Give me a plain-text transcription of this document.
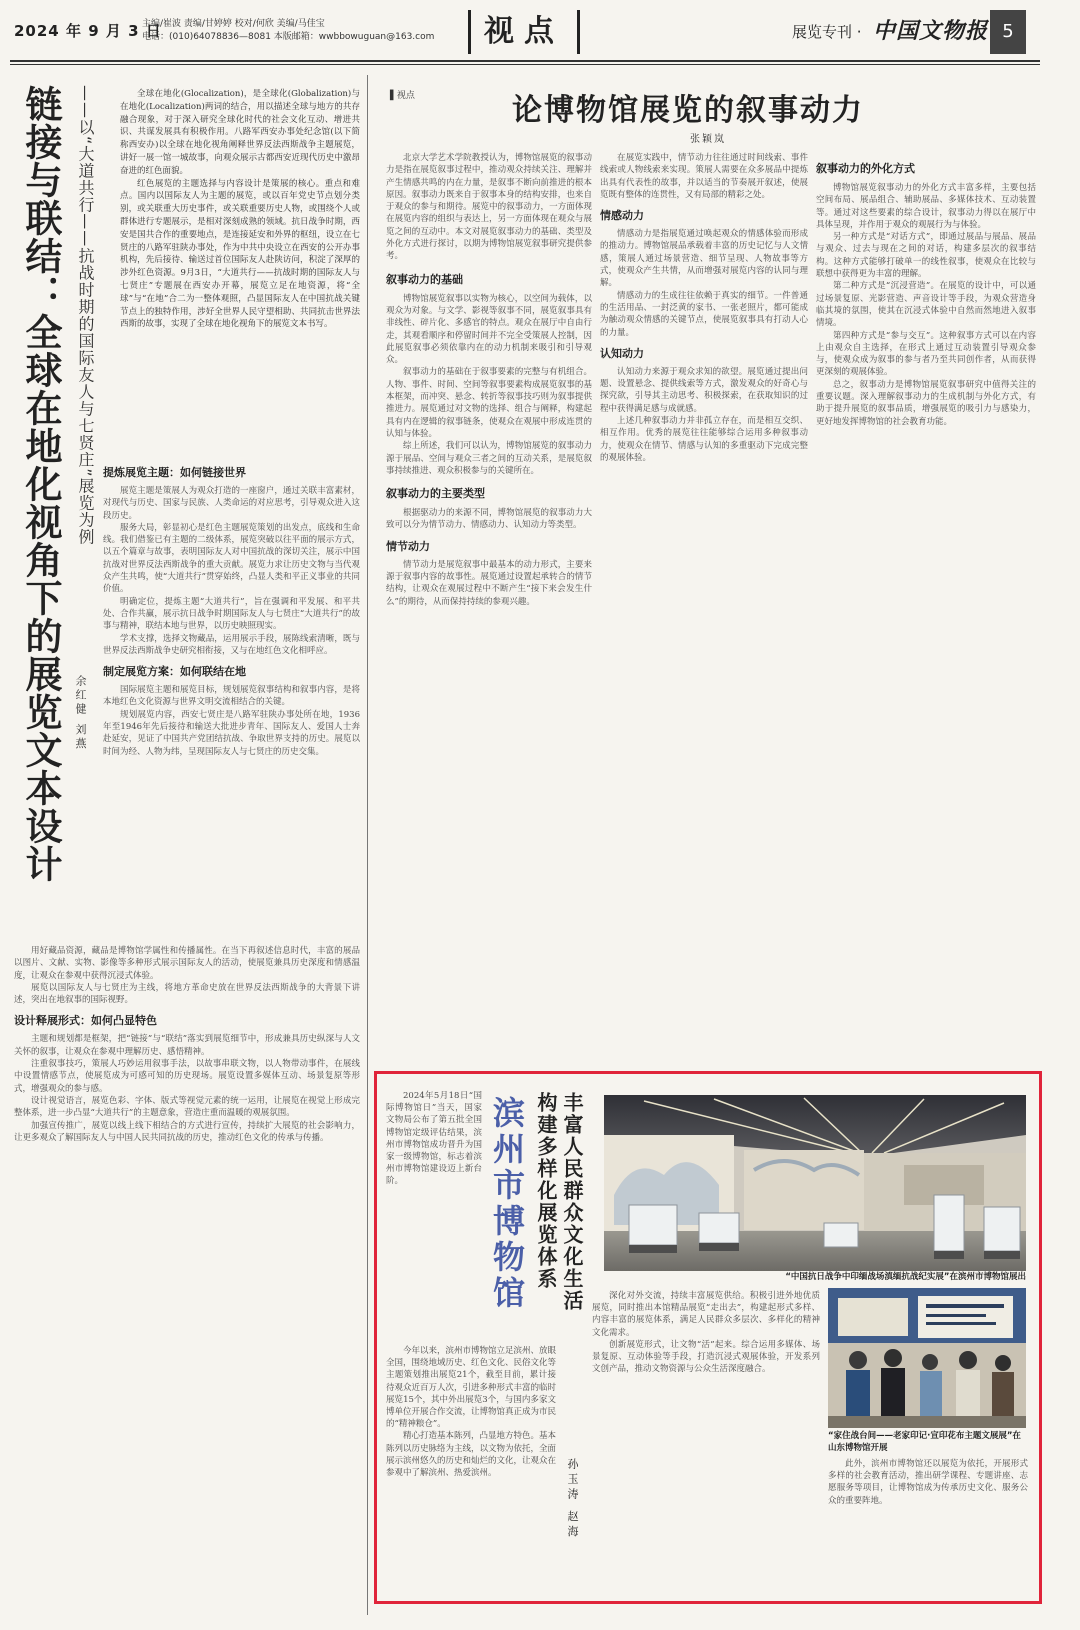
2024 年 9 月 3 日
主编/崔波 责编/甘婷婷 校对/何欣 美编/马佳宝
电话：(010)64078836—8081 本版邮箱：wwbbowuguan@163.com	视点	展览专刊 · 中国文物报 5
链接与联结：全球在地化视角下的展览文本设计 ——以“大道共行——抗战时期的国际友人与七贤庄”展览为例
余红健 刘燕

全球在地化(Glocalization)，是全球化(Globalization)与在地化(Localization)两词的结合，用以描述全球与地方的共存融合现象，对于深入研究全球化时代的社会文化互动、增进共识、共谋发展具有积极作用。八路军西安办事处纪念馆(以下简称西安办)以全球在地化视角阐释世界反法西斯战争主题展览，讲好一展一馆一城故事，向观众展示古都西安近现代历史中激昂奋进的红色面貌。

红色展览的主题选择与内容设计是策展的核心。重点和难点。国内以国际友人为主题的展览，或以百年党史节点划分类别，或关联重大历史事件，或关联重要历史人物，或围绕个人或群体进行专题展示，是相对深刻成熟的领域。抗日战争时期，西安是国共合作的重要地点，是连接延安和外界的枢纽，设立在七贤庄的八路军驻陕办事处，作为中共中央设立在西安的公开办事机构，先后接待、输送过首位国际友人赴陕访问，积淀了深厚的涉外红色资源。9月3日，“大道共行——抗战时期的国际友人与七贤庄”专题展在西安办开幕，展览立足在地资源，将“全球”与“在地”合二为一整体观照，凸显国际友人在中国抗战关键节点上的独特作用，涉好全世界人民守望相助、共同抗击世界法西斯的故事，实现了全球在地化视角下的展览文本书写。

提炼展览主题：如何链接世界

展览主题是策展人为观众打造的一座窗户，通过关联丰富素材，对现代与历史、国家与民族、人类命运的对应思考，引导观众进入这段历史。

服务大局，彰显初心是红色主题展览策划的出发点，底线和生命线。我们借鉴已有主题的二级体系，展览突破以往平面的展示方式，以五个篇章与故事，表明国际友人对中国抗战的深切关注，展示中国抗战对世界反法西斯战争的重大贡献。展览力求让历史文物与当代观众产生共鸣，使“大道共行”贯穿始终，凸显人类和平正义事业的共同价值。

明确定位，提炼主题“大道共行”，旨在强调和平发展、和平共处、合作共赢，展示抗日战争时期国际友人与七贤庄“大道共行”的故事与精神，联结本地与世界，以历史映照现实。

学术支撑，选择文物藏品，运用展示手段，展陈线索清晰，既与世界反法西斯战争史研究相衔接，又与在地红色文化相呼应。

制定展览方案：如何联结在地

国际展览主题和展览目标，规划展览叙事结构和叙事内容，是将本地红色文化资源与世界文明交流相结合的关键。

规划展览内容，西安七贤庄是八路军驻陕办事处所在地，1936年至1946年先后接待和输送大批进步青年、国际友人、爱国人士奔赴延安，见证了中国共产党团结抗战、争取世界支持的历史。展览以时间为经、人物为纬，呈现国际友人与七贤庄的历史交集。

用好藏品资源，藏品是博物馆学属性和传播属性。在当下再叙述信息时代，丰富的展品以图片、文献、实物、影像等多种形式展示国际友人的活动，使展览兼具历史深度和情感温度，让观众在参观中获得沉浸式体验。

展览以国际友人与七贤庄为主线，将地方革命史放在世界反法西斯战争的大背景下讲述，突出在地叙事的国际视野。

设计释展形式：如何凸显特色

主题和规划都是框架，把“链接”与“联结”落实到展览细节中，形成兼具历史纵深与人文关怀的叙事，让观众在参观中理解历史、感悟精神。

注重叙事技巧，策展人巧妙运用叙事手法，以故事串联文物，以人物带动事件，在展线中设置情感节点，使展览成为可感可知的历史现场。展览设置多媒体互动、场景复原等形式，增强观众的参与感。

设计视觉语言，展览色彩、字体、版式等视觉元素的统一运用，让展览在视觉上形成完整体系，进一步凸显“大道共行”的主题意象，营造庄重而温暖的观展氛围。

加强宣传推广，展览以线上线下相结合的方式进行宣传，持续扩大展览的社会影响力，让更多观众了解国际友人与中国人民共同抗战的历史，推动红色文化的传承与传播。

▌视点	论博物馆展览的叙事动力
张颖岚

北京大学艺术学院教授认为，博物馆展览的叙事动力是指在展览叙事过程中，推动观众持续关注、理解并产生情感共鸣的内在力量，是叙事不断向前推进的根本原因。叙事动力既来自于叙事本身的结构安排，也来自于观众的参与和期待。展览中的叙事动力，一方面体现在展览内容的组织与表达上，另一方面体现在观众与展览之间的互动中。本文对展览叙事动力的基础、类型及外化方式进行探讨，以期为博物馆展览叙事研究提供参考。

叙事动力的基础

博物馆展览叙事以实物为核心，以空间为载体，以观众为对象。与文学、影视等叙事不同，展览叙事具有非线性、碎片化、多感官的特点。观众在展厅中自由行走，其观看顺序和停留时间并不完全受策展人控制，因此展览叙事必须依靠内在的动力机制来吸引和引导观众。

叙事动力的基础在于叙事要素的完整与有机组合。人物、事件、时间、空间等叙事要素构成展览叙事的基本框架，而冲突、悬念、转折等叙事技巧则为叙事提供推进力。展览通过对文物的选择、组合与阐释，构建起具有内在逻辑的叙事链条，使观众在观展中形成连贯的认知与体验。

综上所述，我们可以认为，博物馆展览的叙事动力源于展品、空间与观众三者之间的互动关系，是展览叙事持续推进、观众积极参与的关键所在。

叙事动力的主要类型

根据驱动力的来源不同，博物馆展览的叙事动力大致可以分为情节动力、情感动力、认知动力等类型。

情节动力

情节动力是展览叙事中最基本的动力形式，主要来源于叙事内容的故事性。展览通过设置起承转合的情节结构，让观众在观展过程中不断产生“接下来会发生什么”的期待，从而保持持续的参观兴趣。

在展览实践中，情节动力往往通过时间线索、事件线索或人物线索来实现。策展人需要在众多展品中提炼出具有代表性的故事，并以适当的节奏展开叙述，使展览既有整体的连贯性，又有局部的精彩之处。

情感动力

情感动力是指展览通过唤起观众的情感体验而形成的推动力。博物馆展品承载着丰富的历史记忆与人文情感，策展人通过场景营造、细节呈现、人物故事等方式，使观众产生共情，从而增强对展览内容的认同与理解。

情感动力的生成往往依赖于真实的细节。一件普通的生活用品、一封泛黄的家书、一张老照片，都可能成为触动观众情感的关键节点，使展览叙事具有打动人心的力量。

认知动力

认知动力来源于观众求知的欲望。展览通过提出问题、设置悬念、提供线索等方式，激发观众的好奇心与探究欲，引导其主动思考、积极探索，在获取知识的过程中获得满足感与成就感。

上述几种叙事动力并非孤立存在，而是相互交织、相互作用。优秀的展览往往能够综合运用多种叙事动力，使观众在情节、情感与认知的多重驱动下完成完整的观展体验。

叙事动力的外化方式

博物馆展览叙事动力的外化方式丰富多样，主要包括空间布局、展品组合、辅助展品、多媒体技术、互动装置等。通过对这些要素的综合设计，叙事动力得以在展厅中具体呈现，并作用于观众的观展行为与体验。

另一种方式是“对话方式”，即通过展品与展品、展品与观众、过去与现在之间的对话，构建多层次的叙事结构。这种方式能够打破单一的线性叙事，使观众在比较与联想中获得更为丰富的理解。

第二种方式是“沉浸营造”。在展览的设计中，可以通过场景复原、光影营造、声音设计等手段，为观众营造身临其境的氛围，使其在沉浸式体验中自然而然地进入叙事情境。

第四种方式是“参与交互”。这种叙事方式可以在内容上由观众自主选择，在形式上通过互动装置引导观众参与，使观众成为叙事的参与者乃至共同创作者，从而获得更深刻的观展体验。

总之，叙事动力是博物馆展览叙事研究中值得关注的重要议题。深入理解叙事动力的生成机制与外化方式，有助于提升展览的叙事品质，增强展览的吸引力与感染力，更好地发挥博物馆的社会教育功能。

2024年5月18日“国际博物馆日”当天，国家文物局公布了第五批全国博物馆定级评估结果，滨州市博物馆成功晋升为国家一级博物馆，标志着滨州市博物馆建设迈上新台阶。	滨州市博物馆 丰富人民群众文化生活
构建多样化展览体系
孙玉涛 赵海

今年以来，滨州市博物馆立足滨州、放眼全国，围绕地域历史、红色文化、民俗文化等主题策划推出展览21个，截至目前，累计接待观众近百万人次，引进多种形式丰富的临时展览15个，其中外出展览3个，与国内多家文博单位开展合作交流，让博物馆真正成为市民的“精神粮仓”。

精心打造基本陈列，凸显地方特色。基本陈列以历史脉络为主线，以文物为依托，全面展示滨州悠久的历史和灿烂的文化，让观众在参观中了解滨州、热爱滨州。

深化对外交流，持续丰富展览供给。积极引进外地优质展览，同时推出本馆精品展览“走出去”，构建起形式多样、内容丰富的展览体系，满足人民群众多层次、多样化的精神文化需求。

创新展览形式，让文物“活”起来。综合运用多媒体、场景复原、互动体验等手段，打造沉浸式观展体验，开发系列文创产品，推动文物资源与公众生活深度融合。

此外，滨州市博物馆还以展览为依托，开展形式多样的社会教育活动，推出研学课程、专题讲座、志愿服务等项目，让博物馆成为传承历史文化、服务公众的重要阵地。

“中国抗日战争中印缅战场滇缅抗战纪实展”在滨州市博物馆展出
“家住战台间——老家印记·宣印花布主题文展展”在山东博物馆开展
